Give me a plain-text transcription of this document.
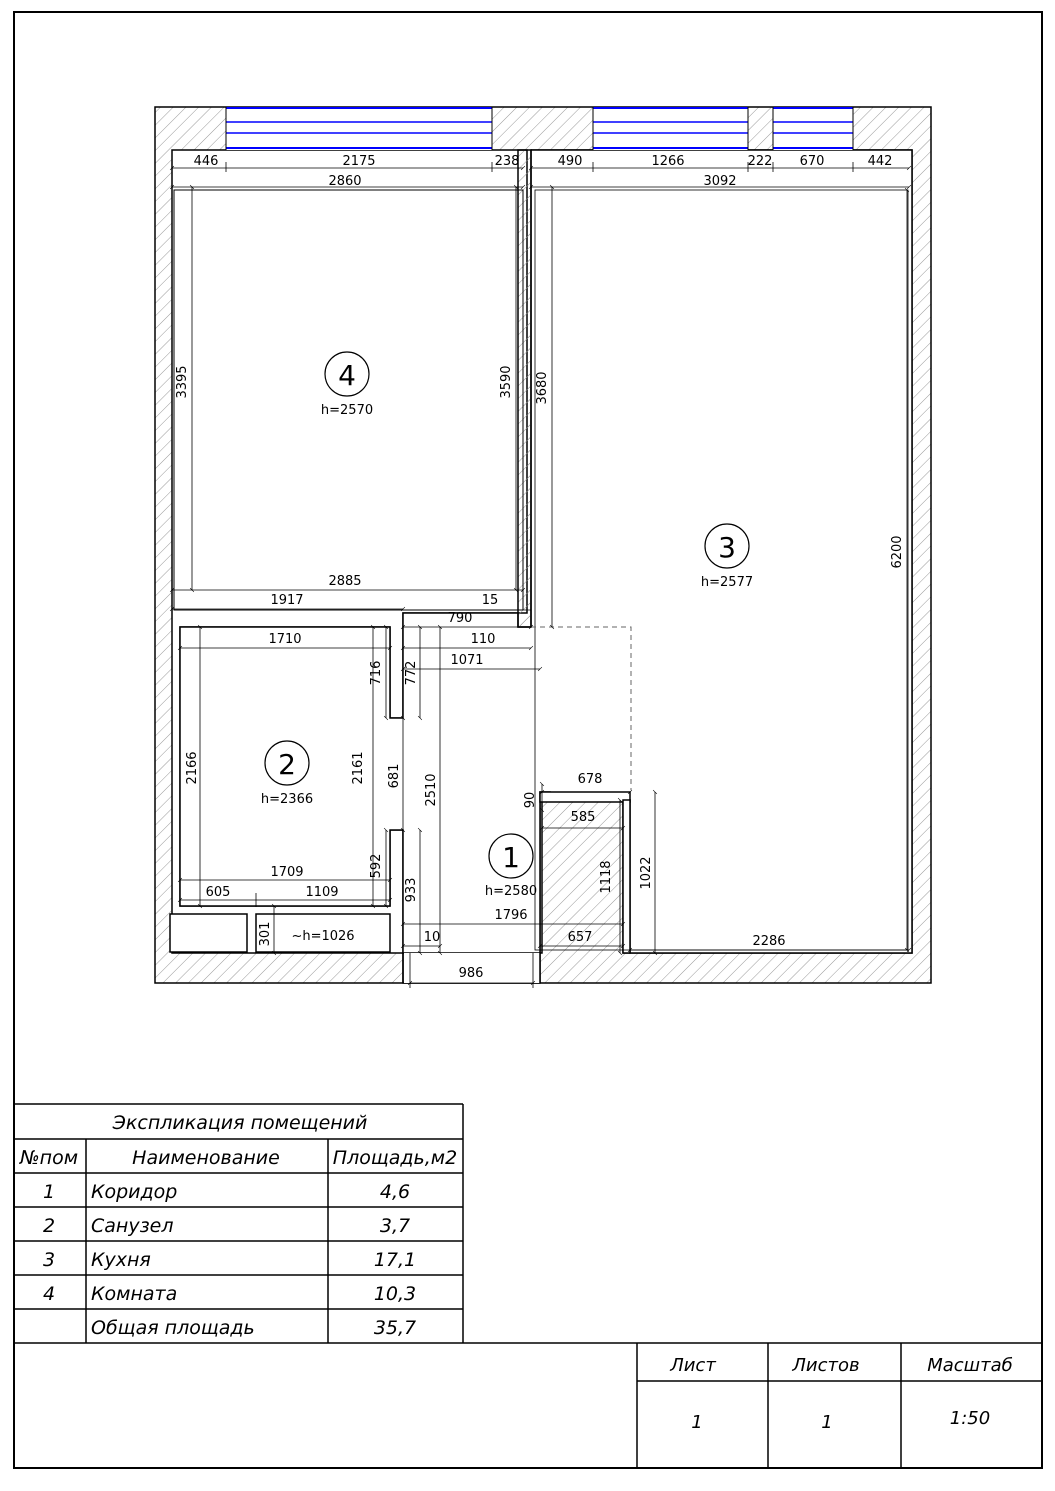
446	2175	238	490	1266	222 670	442
2860	3092
3395	3590 3680
6200
2885
1917
790
15
110
1071
1710
716 772
2166	2161 681 2510	678
90
585
1118 1022
1709	592
605	1109	933
1796
301	10	657	2286
986
~h=1026
4
h=2570
3
h=2577
2
h=2366
1
h=2580
Экспликация помещений
№пом	Наименование	Площадь,м2
1 Коридор	4,6
2 Санузел	3,7
3 Кухня	17,1
4 Комната	10,3
Общая площадь	35,7
Лист	Листов	Масштаб
1	1	1:50
